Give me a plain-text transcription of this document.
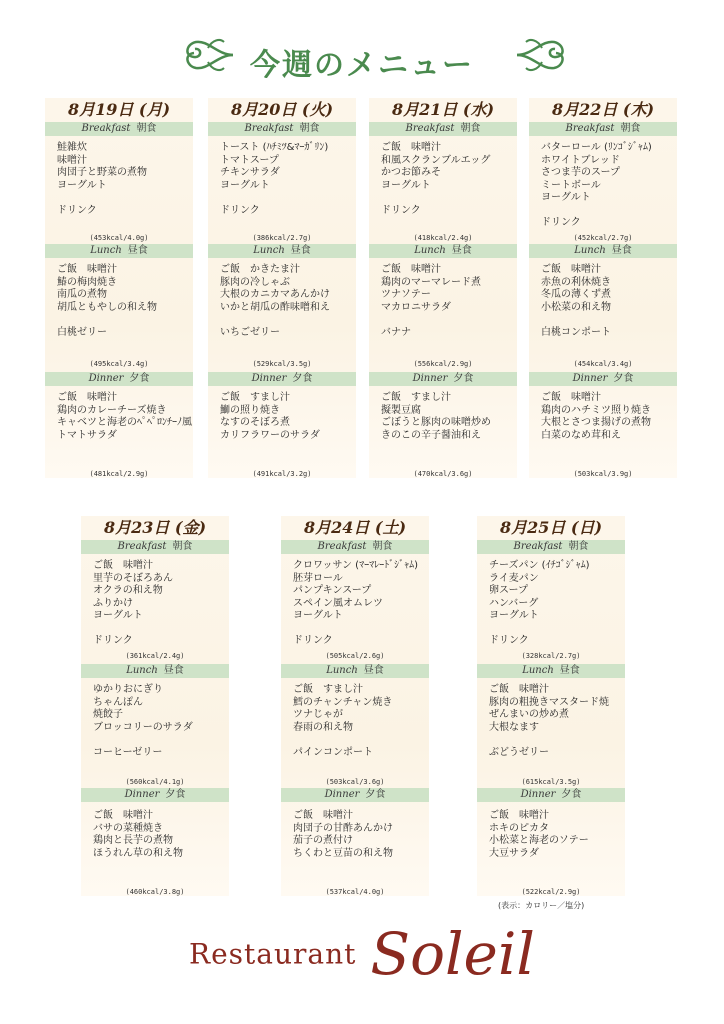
今週のメニュー
8月19日 (月)
Breakfast 朝食
鮭雑炊
味噌汁
肉団子と野菜の煮物
ヨーグルト
ドリンク
(453kcal/4.0g)
Lunch 昼食
ご飯　味噌汁
鰆の梅肉焼き
南瓜の煮物
胡瓜ともやしの和え物
白桃ゼリー
(495kcal/3.4g)
Dinner 夕食
ご飯　味噌汁
鶏肉のカレーチーズ焼き
キャベツと海老のﾍﾟﾍﾟﾛﾝﾁｰﾉ風
トマトサラダ
(481kcal/2.9g)
8月20日 (火)
Breakfast 朝食
トースト (ﾊﾁﾐﾂ&ﾏｰｶﾞﾘﾝ)
トマトスープ
チキンサラダ
ヨーグルト
ドリンク
(386kcal/2.7g)
Lunch 昼食
ご飯　かきたま汁
豚肉の冷しゃぶ
大根のカニカマあんかけ
いかと胡瓜の酢味噌和え
いちごゼリー
(529kcal/3.5g)
Dinner 夕食
ご飯　すまし汁
鰤の照り焼き
なすのそぼろ煮
カリフラワーのサラダ
(491kcal/3.2g)
8月21日 (水)
Breakfast 朝食
ご飯　味噌汁
和風スクランブルエッグ
かつお節みそ
ヨーグルト
ドリンク
(418kcal/2.4g)
Lunch 昼食
ご飯　味噌汁
鶏肉のマーマレード煮
ツナソテー
マカロニサラダ
バナナ
(556kcal/2.9g)
Dinner 夕食
ご飯　すまし汁
擬製豆腐
ごぼうと豚肉の味噌炒め
きのこの辛子醤油和え
(470kcal/3.6g)
8月22日 (木)
Breakfast 朝食
バターロール (ﾘﾝｺﾞｼﾞｬﾑ)
ホワイトブレッド
さつま芋のスープ
ミートボール
ヨーグルト
ドリンク
(452kcal/2.7g)
Lunch 昼食
ご飯　味噌汁
赤魚の利休焼き
冬瓜の薄くず煮
小松菜の和え物
白桃コンポート
(454kcal/3.4g)
Dinner 夕食
ご飯　味噌汁
鶏肉のハチミツ照り焼き
大根とさつま揚げの煮物
白菜のなめ茸和え
(503kcal/3.9g)
8月23日 (金)
Breakfast 朝食
ご飯　味噌汁
里芋のそぼろあん
オクラの和え物
ふりかけ
ヨーグルト
ドリンク
(361kcal/2.4g)
Lunch 昼食
ゆかりおにぎり
ちゃんぽん
焼餃子
ブロッコリーのサラダ
コーヒーゼリー
(560kcal/4.1g)
Dinner 夕食
ご飯　味噌汁
バサの菜種焼き
鶏肉と長芋の煮物
ほうれん草の和え物
(460kcal/3.8g)
8月24日 (土)
Breakfast 朝食
クロワッサン (ﾏｰﾏﾚｰﾄﾞｼﾞｬﾑ)
胚芽ロール
パンプキンスープ
スペイン風オムレツ
ヨーグルト
ドリンク
(505kcal/2.6g)
Lunch 昼食
ご飯　すまし汁
鱈のチャンチャン焼き
ツナじゃが
春雨の和え物
パインコンポート
(503kcal/3.6g)
Dinner 夕食
ご飯　味噌汁
肉団子の甘酢あんかけ
茄子の煮付け
ちくわと豆苗の和え物
(537kcal/4.0g)
8月25日 (日)
Breakfast 朝食
チーズパン (ｲﾁｺﾞｼﾞｬﾑ)
ライ麦パン
卵スープ
ハンバーグ
ヨーグルト
ドリンク
(328kcal/2.7g)
Lunch 昼食
ご飯　味噌汁
豚肉の粗挽きマスタード焼
ぜんまいの炒め煮
大根なます
ぶどうゼリー
(615kcal/3.5g)
Dinner 夕食
ご飯　味噌汁
ホキのピカタ
小松菜と海老のソテー
大豆サラダ
(522kcal/2.9g)
(表示：カロリー／塩分)
Restaurant Soleil
